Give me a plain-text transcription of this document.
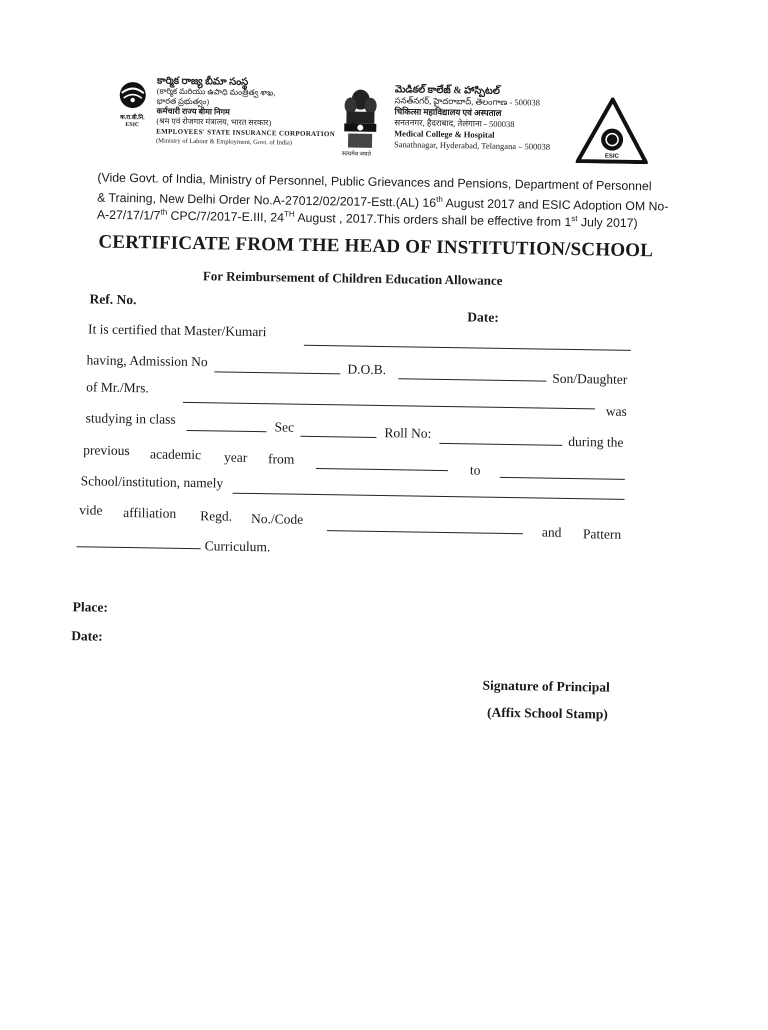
क.रा.बी.नि.
ESIC
కార్మిక రాజ్య బీమా సంస్థ
(కార్మిక మరియు ఉపాధి మంత్రిత్వ శాఖ,
భారత ప్రభుత్వం)
कर्मचारी राज्य बीमा निगम
(श्रम एवं रोजगार मंत्रालय, भारत सरकार)
EMPLOYEES' STATE INSURANCE CORPORATION
(Ministry of Labour & Employment, Govt. of India)
सत्यमेव जयते
మెడికల్ కాలేజ్ & హాస్పిటల్
సనత్‌నగర్, హైదరాబాద్, తెలంగాణ - 500038
चिकित्सा महाविद्यालय एवं अस्पताल
सनतनगर, हैदराबाद, तेलंगाना - 500038
Medical College & Hospital
Sanathnagar, Hyderabad, Telangana – 500038
ESIC
(Vide Govt. of India, Ministry of Personnel, Public Grievances and Pensions, Department of Personnel
& Training, New Delhi Order No.A-27012/02/2017-Estt.(AL) 16th August 2017 and ESIC Adoption OM No-
A-27/17/1/7th CPC/7/2017-E.III, 24TH August , 2017.This orders shall be effective from 1st July 2017)
CERTIFICATE FROM THE HEAD OF INSTITUTION/SCHOOL
For Reimbursement of Children Education Allowance
Ref. No.
Date:
It is certified that Master/Kumari
having, Admission No
D.O.B.
Son/Daughter
of Mr./Mrs.
was
studying in class
Sec	Roll No:
during the
previous academic year from
to
School/institution, namely
vide affiliation Regd. No./Code
and Pattern
Curriculum.
Place:
Date:
Signature of Principal
(Affix School Stamp)
